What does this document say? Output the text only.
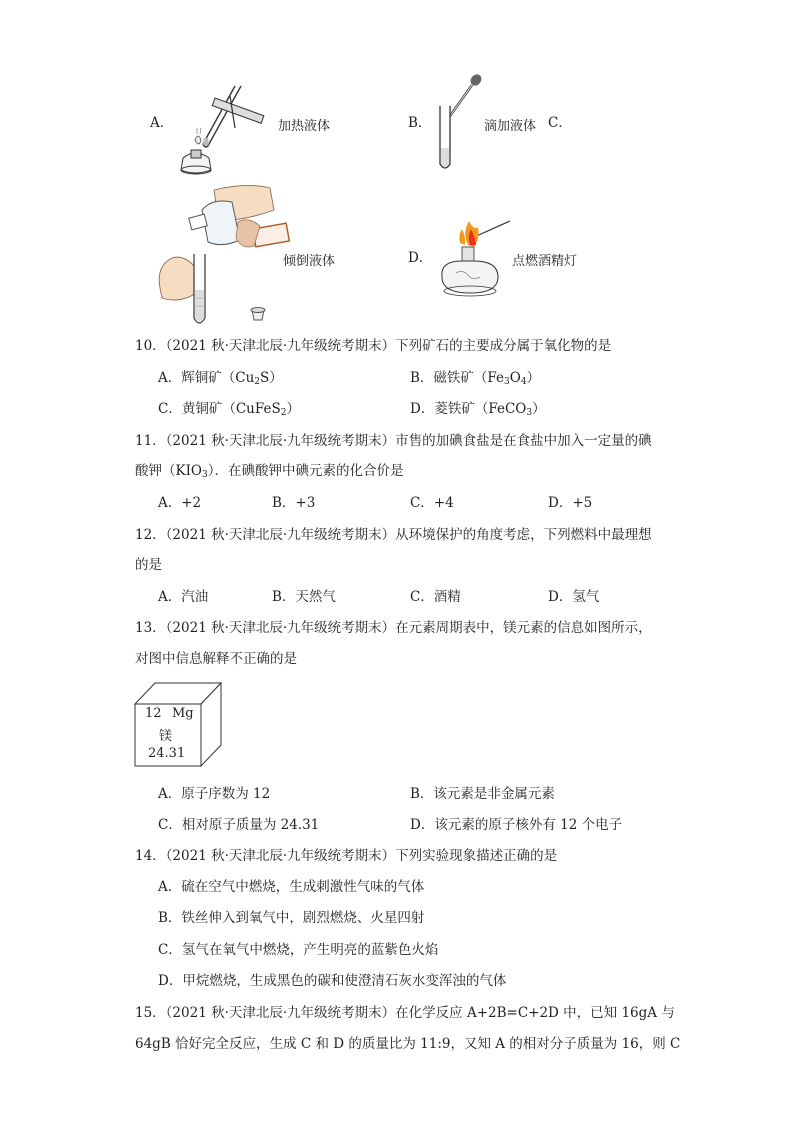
A．	加热液体	B．	滴加液体 C．
倾倒液体	D．	点燃酒精灯
10．（2021 秋·天津北辰·九年级统考期末）下列矿石的主要成分属于氧化物的是
A．辉铜矿$(Cu_2S)$	B．磁铁矿$(Fe_3O_4)$
C．黄铜矿（CuFeS$_2$）	D．菱铁矿（FeCO$_3$）
11．（2021 秋·天津北辰·九年级统考期末）市售的加碘食盐是在食盐中加入一定量的碘
酸钾$(KIO_3)$．在碘酸钾中碘元素的化合价是
A．+2	B．+3	C．+4	D．+5
12．（2021 秋·天津北辰·九年级统考期末）从环境保护的角度考虑，下列燃料中最理想
的是
A．汽油	B．天然气	C．酒精	D．氢气
13．（2021 秋·天津北辰·九年级统考期末）在元素周期表中，镁元素的信息如图所示，
对图中信息解释不正确的是
12 Mg
镁
24.31
A．原子序数为 12	B．该元素是非金属元素
C．相对原子质量为 24.31	D．该元素的原子核外有 12 个电子
14．（2021 秋·天津北辰·九年级统考期末）下列实验现象描述正确的是
A．硫在空气中燃烧，生成刺激性气味的气体
B．铁丝伸入到氧气中，剧烈燃烧、火星四射
C．氢气在氧气中燃烧，产生明亮的蓝紫色火焰
D．甲烷燃烧，生成黑色的碳和使澄清石灰水变浑浊的气体
15．（2021 秋·天津北辰·九年级统考期末）在化学反应 A+2B=C+2D 中，已知 16gA 与
64gB 恰好完全反应，生成 C 和 D 的质量比为 11:9，又知 A 的相对分子质量为 16，则 C
